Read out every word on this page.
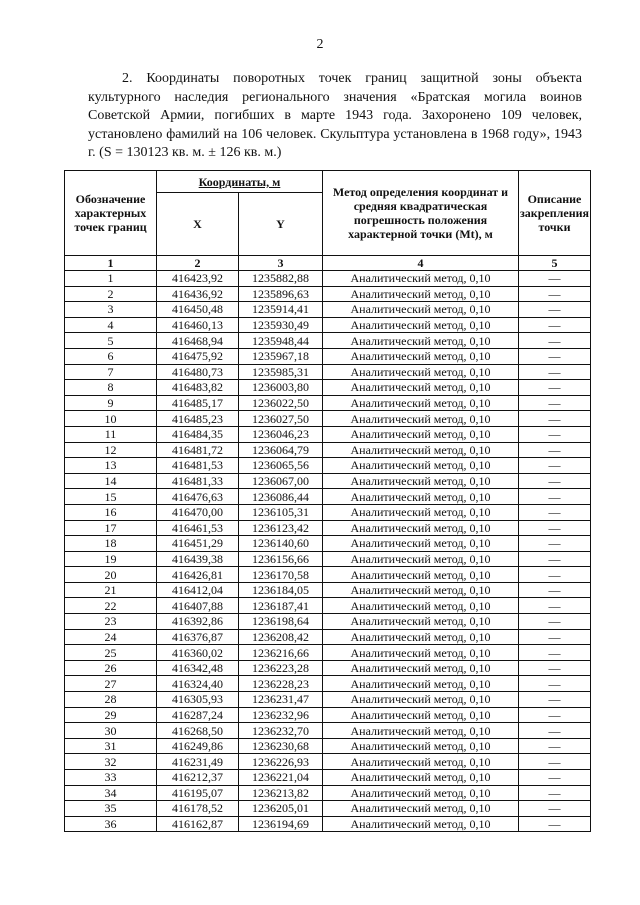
2
2. Координаты поворотных точек границ защитной зоны объекта культурного наследия регионального значения «Братская могила воинов Советской Армии, погибших в марте 1943 года. Захоронено 109 человек, установлено фамилий на 106 человек. Скульптура установлена в 1968 году», 1943 г. (S = 130123 кв. м. ± 126 кв. м.)
Обозначение характерных точек границ	Координаты, м		Метод определения координат и средняя квадратическая погрешность положения характерной точки (Mt), м	Описание закрепления точки
	X	Y		
1	2	3	4	5
1	416423,92	1235882,88	Аналитический метод, 0,10	—
2	416436,92	1235896,63	Аналитический метод, 0,10	—
3	416450,48	1235914,41	Аналитический метод, 0,10	—
4	416460,13	1235930,49	Аналитический метод, 0,10	—
5	416468,94	1235948,44	Аналитический метод, 0,10	—
6	416475,92	1235967,18	Аналитический метод, 0,10	—
7	416480,73	1235985,31	Аналитический метод, 0,10	—
8	416483,82	1236003,80	Аналитический метод, 0,10	—
9	416485,17	1236022,50	Аналитический метод, 0,10	—
10	416485,23	1236027,50	Аналитический метод, 0,10	—
11	416484,35	1236046,23	Аналитический метод, 0,10	—
12	416481,72	1236064,79	Аналитический метод, 0,10	—
13	416481,53	1236065,56	Аналитический метод, 0,10	—
14	416481,33	1236067,00	Аналитический метод, 0,10	—
15	416476,63	1236086,44	Аналитический метод, 0,10	—
16	416470,00	1236105,31	Аналитический метод, 0,10	—
17	416461,53	1236123,42	Аналитический метод, 0,10	—
18	416451,29	1236140,60	Аналитический метод, 0,10	—
19	416439,38	1236156,66	Аналитический метод, 0,10	—
20	416426,81	1236170,58	Аналитический метод, 0,10	—
21	416412,04	1236184,05	Аналитический метод, 0,10	—
22	416407,88	1236187,41	Аналитический метод, 0,10	—
23	416392,86	1236198,64	Аналитический метод, 0,10	—
24	416376,87	1236208,42	Аналитический метод, 0,10	—
25	416360,02	1236216,66	Аналитический метод, 0,10	—
26	416342,48	1236223,28	Аналитический метод, 0,10	—
27	416324,40	1236228,23	Аналитический метод, 0,10	—
28	416305,93	1236231,47	Аналитический метод, 0,10	—
29	416287,24	1236232,96	Аналитический метод, 0,10	—
30	416268,50	1236232,70	Аналитический метод, 0,10	—
31	416249,86	1236230,68	Аналитический метод, 0,10	—
32	416231,49	1236226,93	Аналитический метод, 0,10	—
33	416212,37	1236221,04	Аналитический метод, 0,10	—
34	416195,07	1236213,82	Аналитический метод, 0,10	—
35	416178,52	1236205,01	Аналитический метод, 0,10	—
36	416162,87	1236194,69	Аналитический метод, 0,10	—
